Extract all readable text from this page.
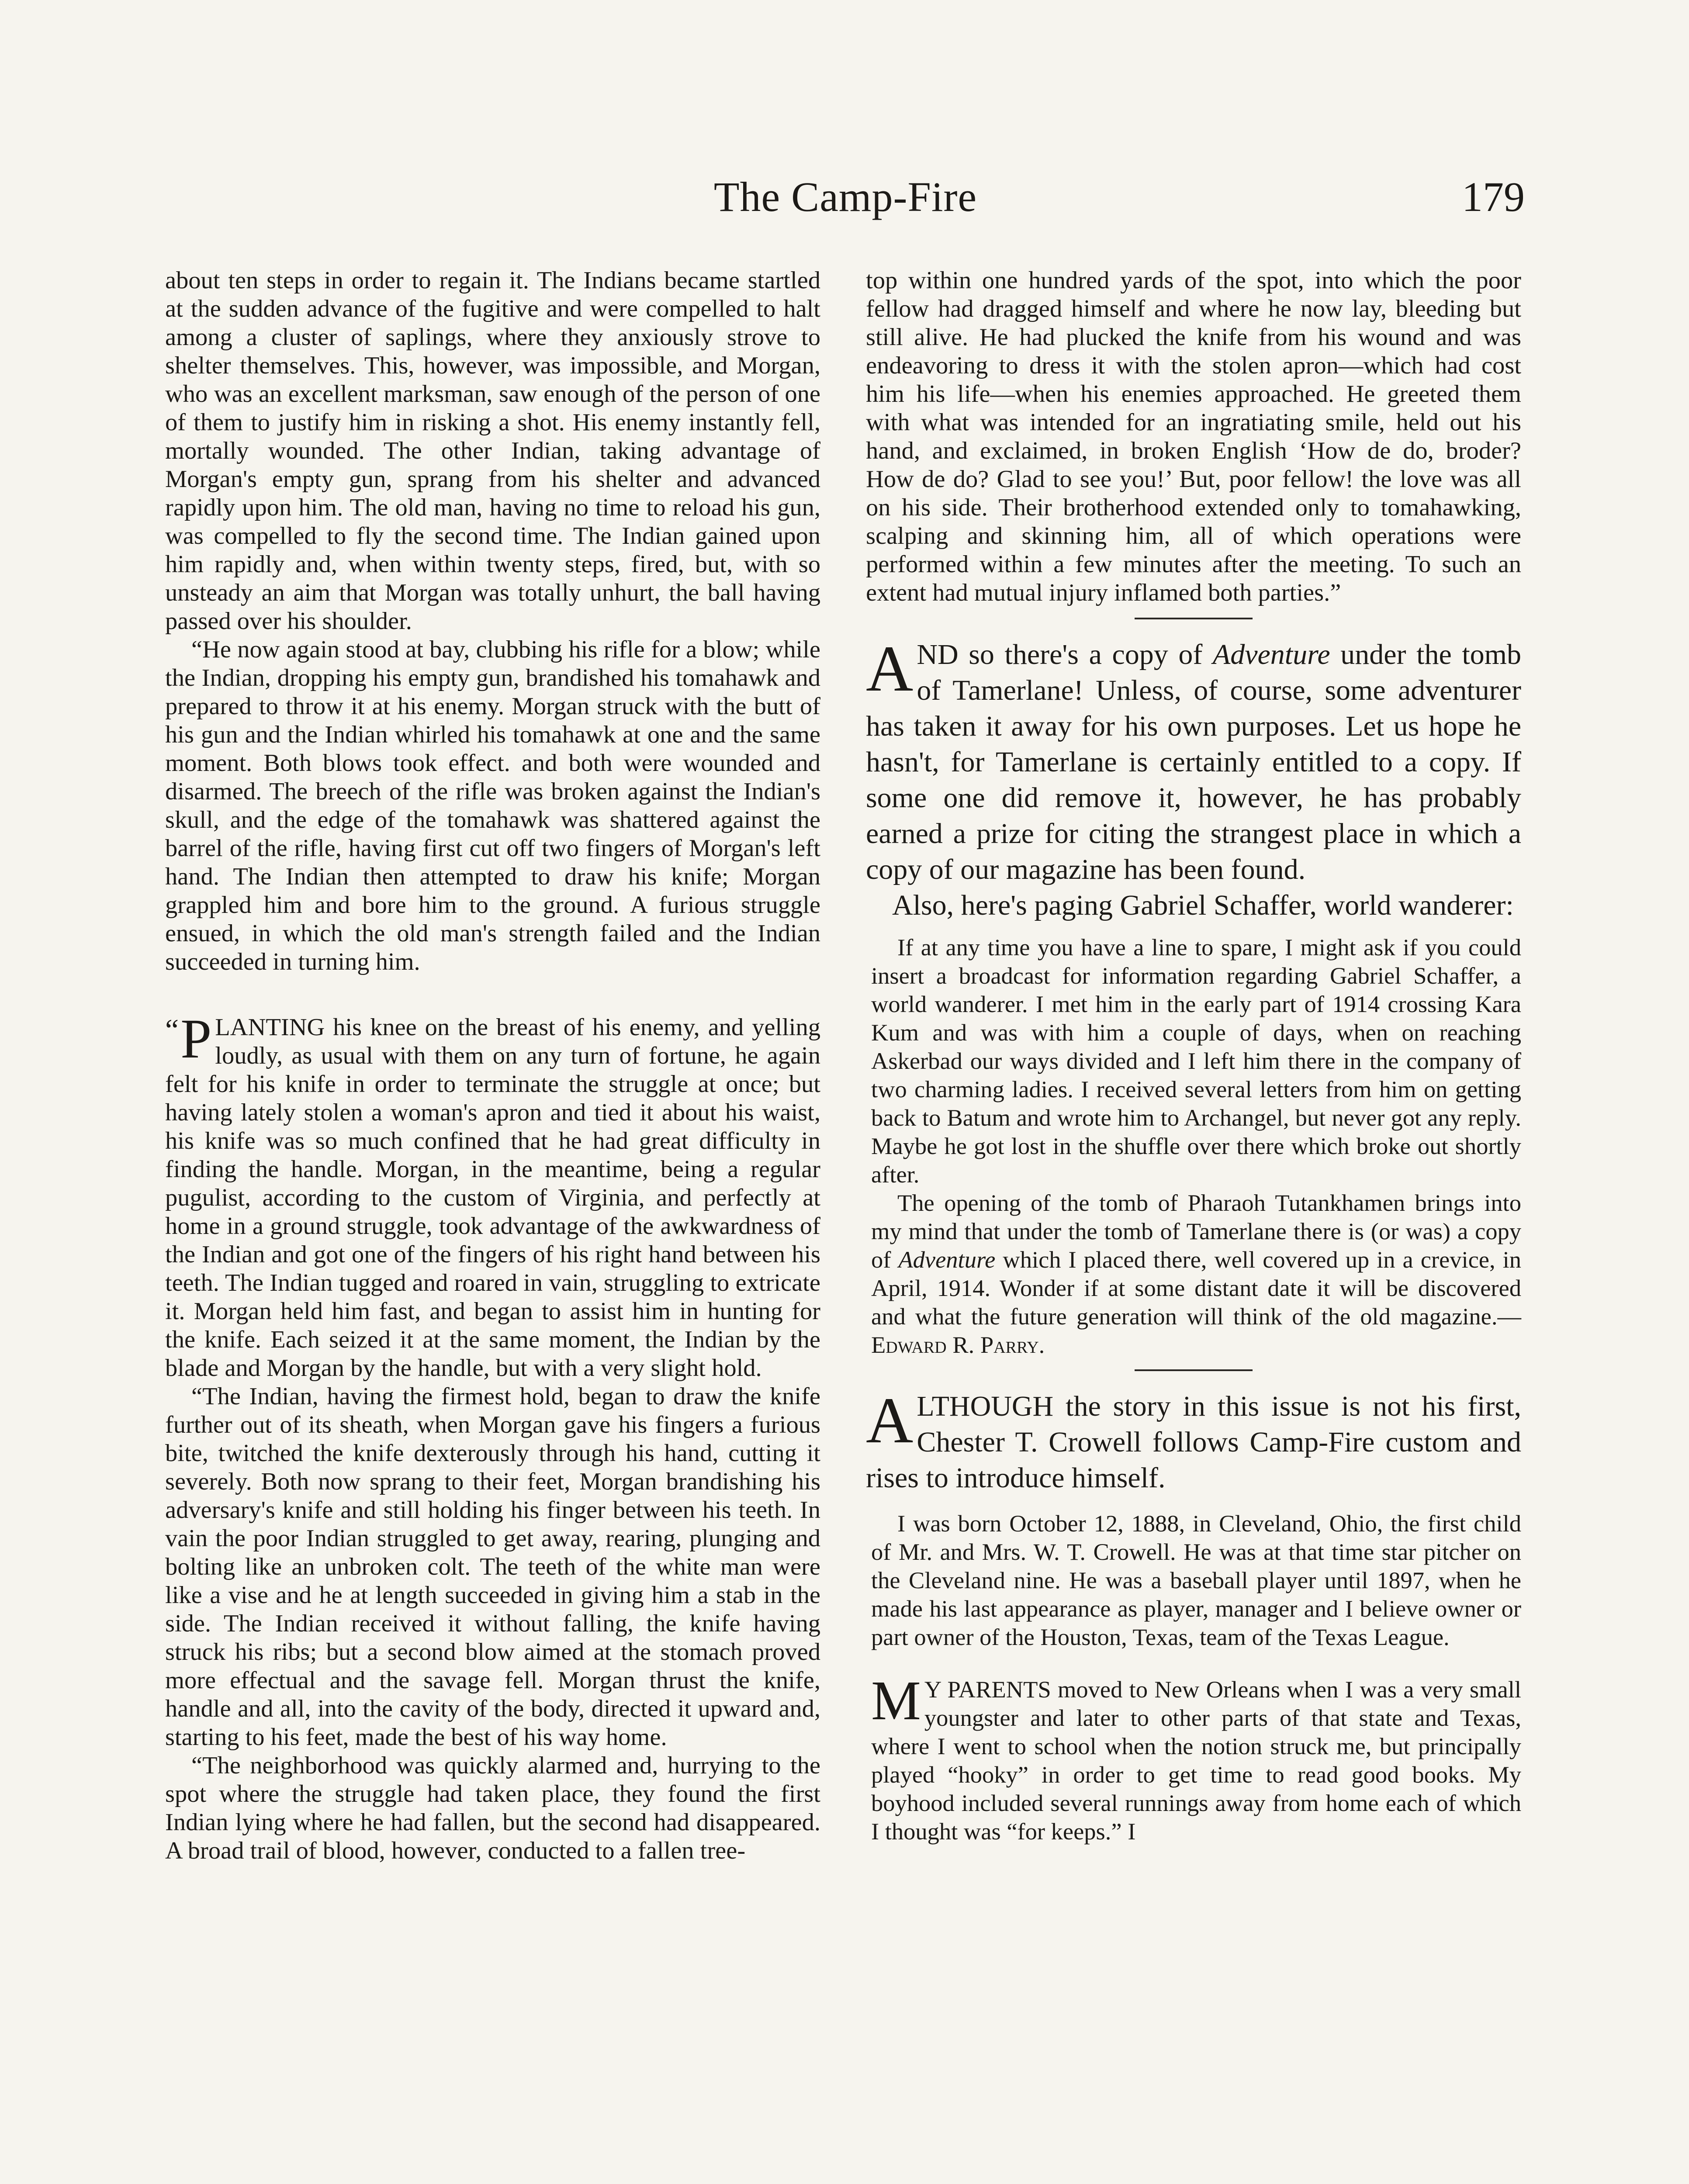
The Camp-Fire	179

about ten steps in order to regain it. The Indians became startled at the sudden advance of the fugitive and were compelled to halt among a cluster of saplings, where they anxiously strove to shelter themselves. This, however, was impossible, and Morgan, who was an excellent marksman, saw enough of the person of one of them to justify him in risking a shot. His enemy instantly fell, mortally wounded. The other Indian, taking advantage of Morgan's empty gun, sprang from his shelter and advanced rapidly upon him. The old man, having no time to reload his gun, was compelled to fly the second time. The Indian gained upon him rapidly and, when within twenty steps, fired, but, with so unsteady an aim that Morgan was totally unhurt, the ball having passed over his shoulder.

“He now again stood at bay, clubbing his rifle for a blow; while the Indian, dropping his empty gun, brandished his tomahawk and prepared to throw it at his enemy. Morgan struck with the butt of his gun and the Indian whirled his tomahawk at one and the same moment. Both blows took effect. and both were wounded and disarmed. The breech of the rifle was broken against the Indian's skull, and the edge of the tomahawk was shattered against the barrel of the rifle, having first cut off two fingers of Morgan's left hand. The Indian then attempted to draw his knife; Morgan grappled him and bore him to the ground. A furious struggle ensued, in which the old man's strength failed and the Indian succeeded in turning him.

“ P LANTING his knee on the breast of his enemy, and yelling loudly, as usual with them on any turn of fortune, he again felt for his knife in order to terminate the struggle at once; but having lately stolen a woman's apron and tied it about his waist, his knife was so much confined that he had great difficulty in finding the handle. Morgan, in the meantime, being a regular pugulist, according to the custom of Virginia, and perfectly at home in a ground struggle, took advantage of the awkwardness of the Indian and got one of the fingers of his right hand between his teeth. The Indian tugged and roared in vain, struggling to extricate it. Morgan held him fast, and began to assist him in hunting for the knife. Each seized it at the same moment, the Indian by the blade and Morgan by the handle, but with a very slight hold.

“The Indian, having the firmest hold, began to draw the knife further out of its sheath, when Morgan gave his fingers a furious bite, twitched the knife dexterously through his hand, cutting it severely. Both now sprang to their feet, Morgan brandishing his adversary's knife and still holding his finger between his teeth. In vain the poor Indian struggled to get away, rearing, plunging and bolting like an unbroken colt. The teeth of the white man were like a vise and he at length succeeded in giving him a stab in the side. The Indian received it without falling, the knife having struck his ribs; but a second blow aimed at the stomach proved more effectual and the savage fell. Morgan thrust the knife, handle and all, into the cavity of the body, directed it upward and, starting to his feet, made the best of his way home.

“The neighborhood was quickly alarmed and, hurrying to the spot where the struggle had taken place, they found the first Indian lying where he had fallen, but the second had disappeared. A broad trail of blood, however, conducted to a fallen tree-

top within one hundred yards of the spot, into which the poor fellow had dragged himself and where he now lay, bleeding but still alive. He had plucked the knife from his wound and was endeavoring to dress it with the stolen apron—which had cost him his life—when his enemies approached. He greeted them with what was intended for an ingratiating smile, held out his hand, and exclaimed, in broken English ‘How de do, broder? How de do? Glad to see you!’ But, poor fellow! the love was all on his side. Their brotherhood extended only to tomahawking, scalping and skinning him, all of which operations were performed within a few minutes after the meeting. To such an extent had mutual injury inflamed both parties.”

AND so there's a copy of Adventure under the tomb of Tamerlane! Unless, of course, some adventurer has taken it away for his own purposes. Let us hope he hasn't, for Tamerlane is certainly entitled to a copy. If some one did remove it, however, he has probably earned a prize for citing the strangest place in which a copy of our magazine has been found.

Also, here's paging Gabriel Schaffer, world wanderer:

If at any time you have a line to spare, I might ask if you could insert a broadcast for information regarding Gabriel Schaffer, a world wanderer. I met him in the early part of 1914 crossing Kara Kum and was with him a couple of days, when on reaching Askerbad our ways divided and I left him there in the company of two charming ladies. I received several letters from him on getting back to Batum and wrote him to Archangel, but never got any reply. Maybe he got lost in the shuffle over there which broke out shortly after.

The opening of the tomb of Pharaoh Tutankhamen brings into my mind that under the tomb of Tamerlane there is (or was) a copy of Adventure which I placed there, well covered up in a crevice, in April, 1914. Wonder if at some distant date it will be discovered and what the future generation will think of the old magazine.—Edward R. Parry.

ALTHOUGH the story in this issue is not his first, Chester T. Crowell follows Camp-Fire custom and rises to introduce himself.

I was born October 12, 1888, in Cleveland, Ohio, the first child of Mr. and Mrs. W. T. Crowell. He was at that time star pitcher on the Cleveland nine. He was a baseball player until 1897, when he made his last appearance as player, manager and I believe owner or part owner of the Houston, Texas, team of the Texas League.

M Y PARENTS moved to New Orleans when I was a very small youngster and later to other parts of that state and Texas, where I went to school when the notion struck me, but principally played “hooky” in order to get time to read good books. My boyhood included several runnings away from home each of which I thought was “for keeps.” I
